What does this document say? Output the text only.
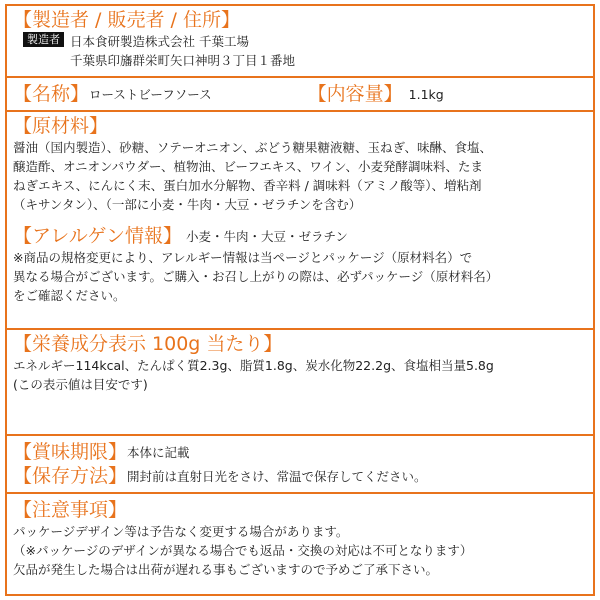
【製造者 / 販売者 / 住所】
製造者 日本食研製造株式会社 千葉工場
千葉県印旛群栄町矢口神明３丁目１番地
【名称】 ローストビーフソース	【内容量】 1.1kg
【原材料】
醤油（国内製造）、砂糖、ソテーオニオン、ぶどう糖果糖液糖、玉ねぎ、味醂、食塩、
醸造酢、オニオンパウダー、植物油、ビーフエキス、ワイン、小麦発酵調味料、たま
ねぎエキス、にんにく末、蛋白加水分解物、香辛料 / 調味料（アミノ酸等）、増粘剤
（キサンタン）、（一部に小麦・牛肉・大豆・ゼラチンを含む）
【アレルゲン情報】 小麦・牛肉・大豆・ゼラチン
※商品の規格変更により、アレルギー情報は当ページとパッケージ（原材料名）で
異なる場合がございます。ご購入・お召し上がりの際は、必ずパッケージ（原材料名）
をご確認ください。
【栄養成分表示 100g 当たり】
エネルギー114kcal、たんぱく質2.3g、脂質1.8g、炭水化物22.2g、食塩相当量5.8g
(この表示値は目安です)
【賞味期限】 本体に記載
【保存方法】 開封前は直射日光をさけ、常温で保存してください。
【注意事項】
パッケージデザイン等は予告なく変更する場合があります。
（※パッケージのデザインが異なる場合でも返品・交換の対応は不可となります）
欠品が発生した場合は出荷が遅れる事もございますので予めご了承下さい。
